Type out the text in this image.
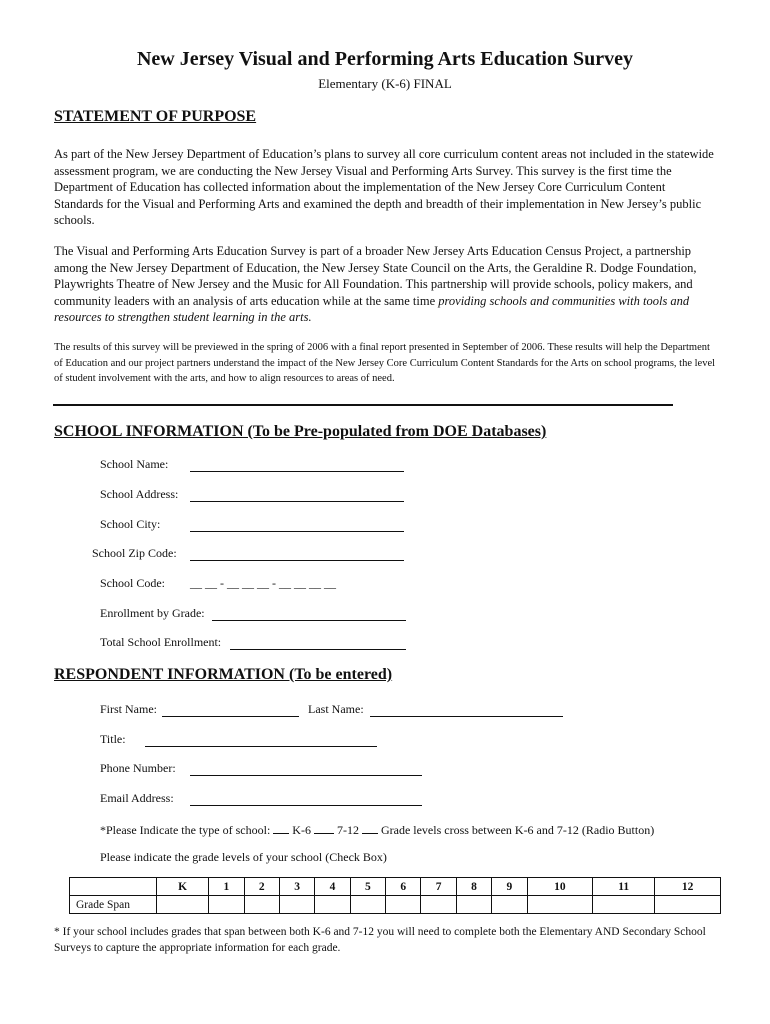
New Jersey Visual and Performing Arts Education Survey
Elementary (K-6) FINAL
STATEMENT OF PURPOSE
As part of the New Jersey Department of Education’s plans to survey all core curriculum content areas not included in the statewide assessment program, we are conducting the New Jersey Visual and Performing Arts Survey. This survey is the first time the Department of Education has collected information about the implementation of the New Jersey Core Curriculum Content Standards for the Visual and Performing Arts and examined the depth and breadth of their implementation in New Jersey’s public schools.
The Visual and Performing Arts Education Survey is part of a broader New Jersey Arts Education Census Project, a partnership among the New Jersey Department of Education, the New Jersey State Council on the Arts, the Geraldine R. Dodge Foundation, Playwrights Theatre of New Jersey and the Music for All Foundation. This partnership will provide schools, policy makers, and community leaders with an analysis of arts education while at the same time providing schools and communities with tools and resources to strengthen student learning in the arts.
The results of this survey will be previewed in the spring of 2006 with a final report presented in September of 2006. These results will help the Department of Education and our project partners understand the impact of the New Jersey Core Curriculum Content Standards for the Arts on school programs, the level of student involvement with the arts, and how to align resources to areas of need.
SCHOOL INFORMATION (To be Pre-populated from DOE Databases)
School Name:
School Address:
School City:
School Zip Code:
School Code: __ __ - __ __ __ - __ __ __ __
Enrollment by Grade:
Total School Enrollment:
RESPONDENT INFORMATION (To be entered)
First Name:	Last Name:
Title:
Phone Number:
Email Address:
*Please Indicate the type of school: K-6 7-12 Grade levels cross between K-6 and 7-12 (Radio Button)
Please indicate the grade levels of your school (Check Box)
	K	1	2	3	4	5	6	7	8	9	10	11	12
Grade Span													
* If your school includes grades that span between both K-6 and 7-12 you will need to complete both the Elementary AND Secondary School Surveys to capture the appropriate information for each grade.
